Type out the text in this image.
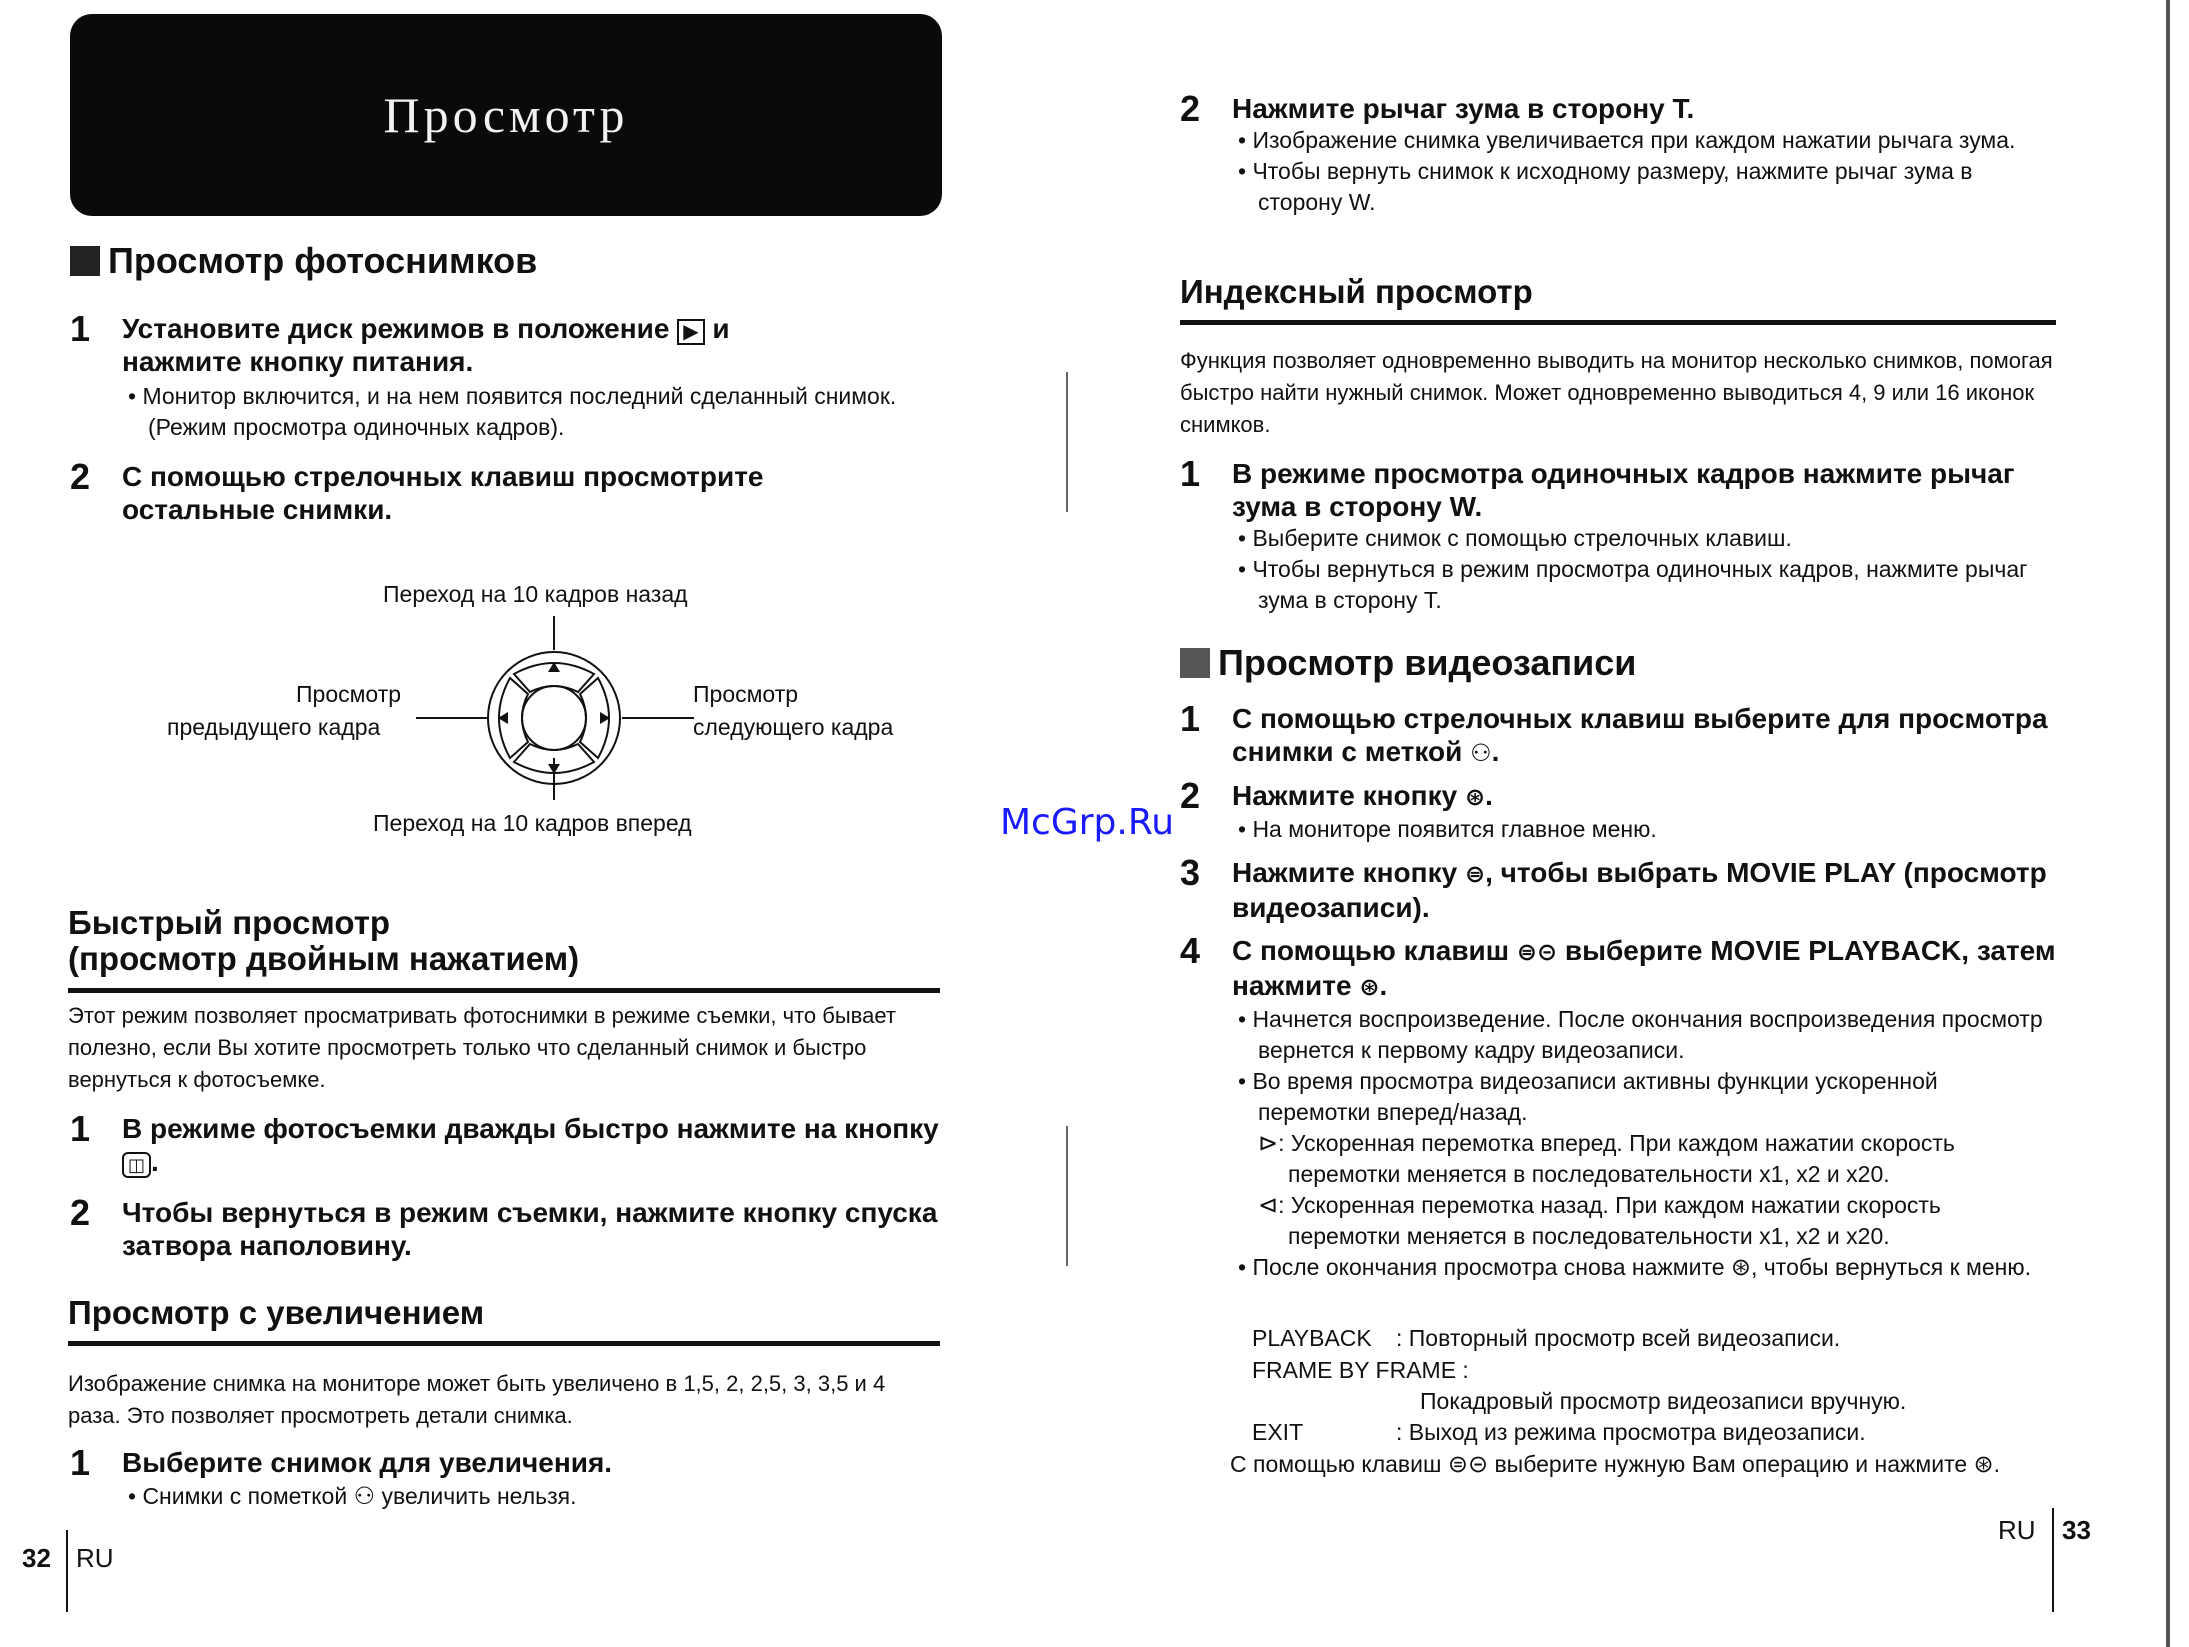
Просмотр
Просмотр фотоснимков
1	Установите диск режимов в положение ▶ и
нажмите кнопку питания.
• Монитор включится, и на нем появится последний сделанный снимок. (Режим просмотра одиночных кадров).
2	С помощью стрелочных клавиш просмотрите остальные снимки.
Переход на 10 кадров назад
Просмотр
предыдущего кадра
Просмотр
следующего кадра
Переход на 10 кадров вперед
Быстрый просмотр
(просмотр двойным нажатием)
Этот режим позволяет просматривать фотоснимки в режиме съемки, что бывает полезно, если Вы хотите просмотреть только что сделанный снимок и быстро вернуться к фотосъемке.
1	В режиме фотосъемки дважды быстро нажмите на кнопку ◫ .
2	Чтобы вернуться в режим съемки, нажмите кнопку спуска затвора наполовину.
Просмотр с увеличением
Изображение снимка на мониторе может быть увеличено в 1,5, 2, 2,5, 3, 3,5 и 4 раза. Это позволяет просмотреть детали снимка.
1	Выберите снимок для увеличения.
• Снимки с пометкой ⚇ увеличить нельзя.
32 RU
2	Нажмите рычаг зума в сторону T.
• Изображение снимка увеличивается при каждом нажатии рычага зума.
• Чтобы вернуть снимок к исходному размеру, нажмите рычаг зума в сторону W.
Индексный просмотр
Функция позволяет одновременно выводить на монитор несколько снимков, помогая быстро найти нужный снимок. Может одновременно выводиться 4, 9 или 16 иконок снимков.
1	В режиме просмотра одиночных кадров нажмите рычаг зума в сторону W.
• Выберите снимок с помощью стрелочных клавиш.
• Чтобы вернуться в режим просмотра одиночных кадров, нажмите рычаг зума в сторону T.
Просмотр видеозаписи
1	С помощью стрелочных клавиш выберите для просмотра снимки с меткой ⚇.
2	Нажмите кнопку ⊛.
• На мониторе появится главное меню.
3	Нажмите кнопку ⊜, чтобы выбрать MOVIE PLAY (просмотр видеозаписи).
4	С помощью клавиш ⊜⊝ выберите MOVIE PLAYBACK, затем нажмите ⊛.
• Начнется воспроизведение. После окончания воспроизведения просмотр вернется к первому кадру видеозаписи.
• Во время просмотра видеозаписи активны функции ускоренной перемотки вперед/назад.
⊳: Ускоренная перемотка вперед. При каждом нажатии скорость перемотки меняется в последовательности x1, x2 и x20.
⊲: Ускоренная перемотка назад. При каждом нажатии скорость перемотки меняется в последовательности x1, x2 и x20.
• После окончания просмотра снова нажмите ⊛, чтобы вернуться к меню.
PLAYBACK : Повторный просмотр всей видеозаписи.
FRAME BY FRAME :
Покадровый просмотр видеозаписи вручную.
EXIT	: Выход из режима просмотра видеозаписи.
С помощью клавиш ⊜⊝ выберите нужную Вам операцию и нажмите ⊛.
RU 33
McGrp.Ru
